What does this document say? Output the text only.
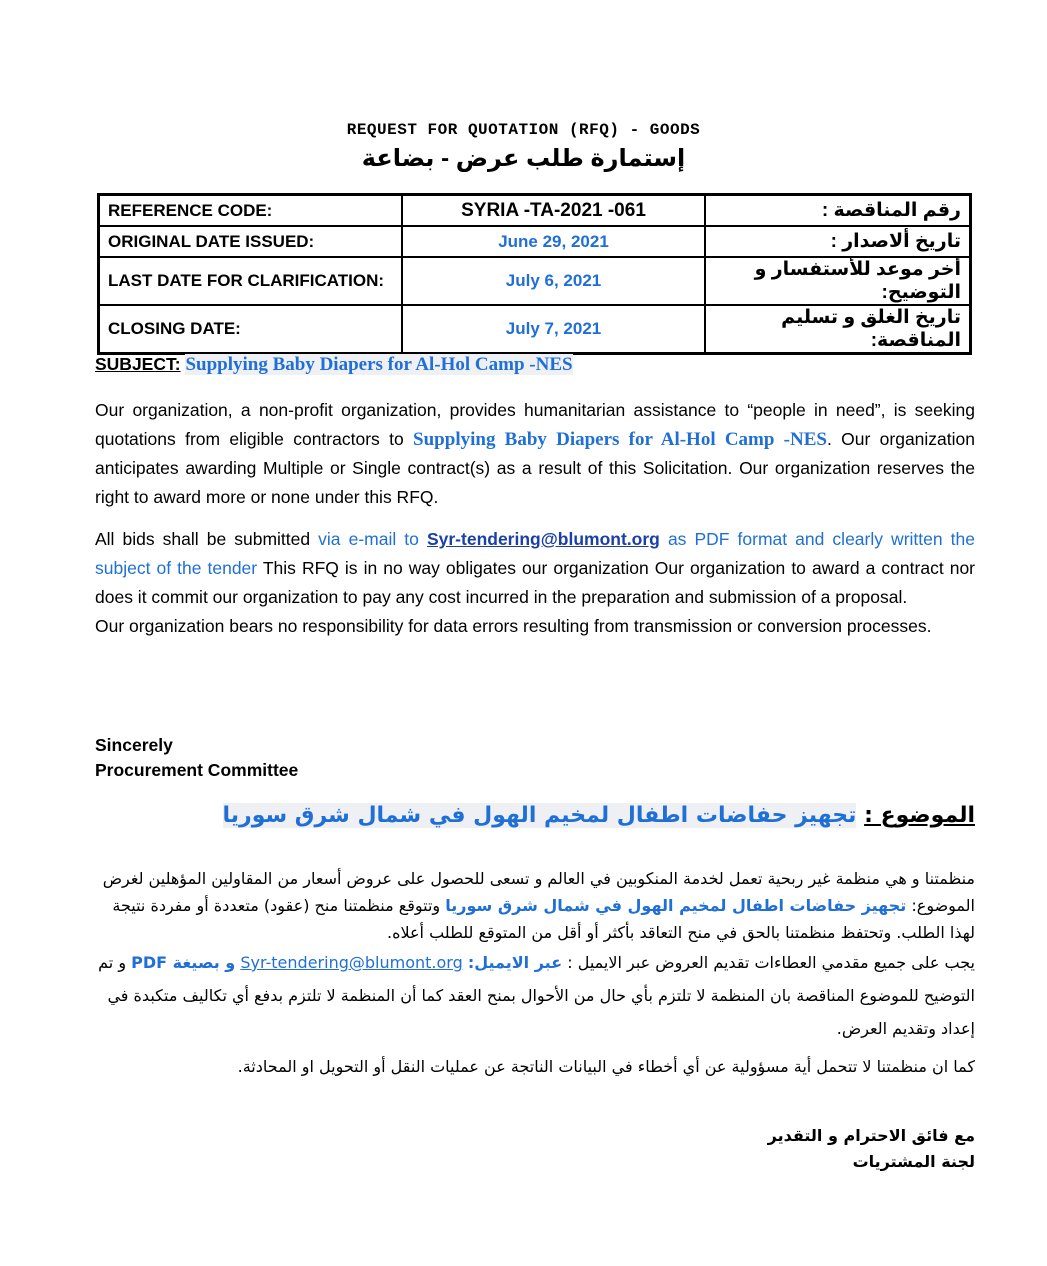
REQUEST FOR QUOTATION (RFQ) - GOODS
إستمارة طلب عرض - بضاعة
REFERENCE CODE:	SYRIA -TA-2021 -061	رقم المناقصة :
ORIGINAL DATE ISSUED:	June 29, 2021	تاريخ ألاصدار :
LAST DATE FOR CLARIFICATION:	July 6, 2021	أخر موعد للأستفسار و التوضيح:
CLOSING DATE:	July 7, 2021	تاريخ الغلق و تسليم المناقصة:
SUBJECT: Supplying Baby Diapers for Al-Hol Camp -NES
Our organization, a non-profit organization, provides humanitarian assistance to “people in need”, is seeking quotations from eligible contractors to Supplying Baby Diapers for Al-Hol Camp -NES. Our organization anticipates awarding Multiple or Single contract(s) as a result of this Solicitation. Our organization reserves the right to award more or none under this RFQ.
All bids shall be submitted via e-mail to Syr-tendering@blumont.org as PDF format and clearly written the subject of the tender This RFQ is in no way obligates our organization Our organization to award a contract nor does it commit our organization to pay any cost incurred in the preparation and submission of a proposal.
Our organization bears no responsibility for data errors resulting from transmission or conversion processes.
Sincerely
Procurement Committee
الموضوع : تجهيز حفاضات اطفال لمخيم الهول في شمال شرق سوريا
منظمتنا و هي منظمة غير ربحية تعمل لخدمة المنكوبين في العالم و تسعى للحصول على عروض أسعار من المقاولين المؤهلين لغرض الموضوع: تجهيز حفاضات اطفال لمخيم الهول في شمال شرق سوريا وتتوقع منظمتنا منح (عقود) متعددة أو مفردة نتيجة لهذا الطلب. وتحتفظ منظمتنا بالحق في منح التعاقد بأكثر أو أقل من المتوقع للطلب أعلاه.
يجب على جميع مقدمي العطاءات تقديم العروض عبر الايميل : عبر الايميل: Syr-tendering@blumont.org و بصيغة PDF و تم التوضيح للموضوع المناقصة بان المنظمة لا تلتزم بأي حال من الأحوال بمنح العقد كما أن المنظمة لا تلتزم بدفع أي تكاليف متكبدة في إعداد وتقديم العرض.
كما ان منظمتنا لا تتحمل أية مسؤولية عن أي أخطاء في البيانات الناتجة عن عمليات النقل أو التحويل او المحادثة.
مع فائق الاحترام و التقدير
لجنة المشتريات
